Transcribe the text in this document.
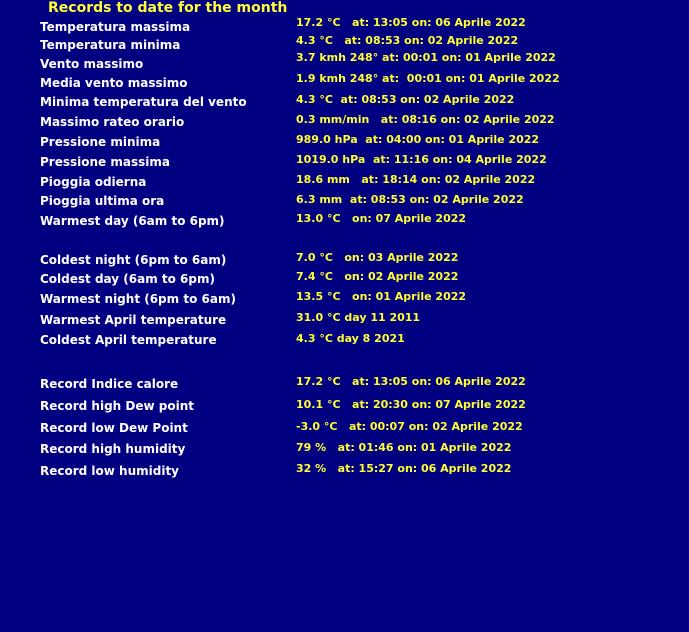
Records to date for the month
Temperatura massima	17.2 °C   at: 13:05 on: 06 Aprile 2022
Temperatura minima	4.3 °C   at: 08:53 on: 02 Aprile 2022
Vento massimo	3.7 kmh 248° at: 00:01 on: 01 Aprile 2022
Media vento massimo	1.9 kmh 248° at:  00:01 on: 01 Aprile 2022
Minima temperatura del vento	4.3 °C  at: 08:53 on: 02 Aprile 2022
Massimo rateo orario	0.3 mm/min   at: 08:16 on: 02 Aprile 2022
Pressione minima	989.0 hPa  at: 04:00 on: 01 Aprile 2022
Pressione massima	1019.0 hPa  at: 11:16 on: 04 Aprile 2022
Pioggia odierna	18.6 mm   at: 18:14 on: 02 Aprile 2022
Pioggia ultima ora	6.3 mm  at: 08:53 on: 02 Aprile 2022
Warmest day (6am to 6pm)	13.0 °C   on: 07 Aprile 2022
Coldest night (6pm to 6am)	7.0 °C   on: 03 Aprile 2022
Coldest day (6am to 6pm)	7.4 °C   on: 02 Aprile 2022
Warmest night (6pm to 6am)	13.5 °C   on: 01 Aprile 2022
Warmest April temperature	31.0 °C day 11 2011
Coldest April temperature	4.3 °C day 8 2021
Record Indice calore	17.2 °C   at: 13:05 on: 06 Aprile 2022
Record high Dew point	10.1 °C   at: 20:30 on: 07 Aprile 2022
Record low Dew Point	-3.0 °C   at: 00:07 on: 02 Aprile 2022
Record high humidity	79 %   at: 01:46 on: 01 Aprile 2022
Record low humidity	32 %   at: 15:27 on: 06 Aprile 2022
